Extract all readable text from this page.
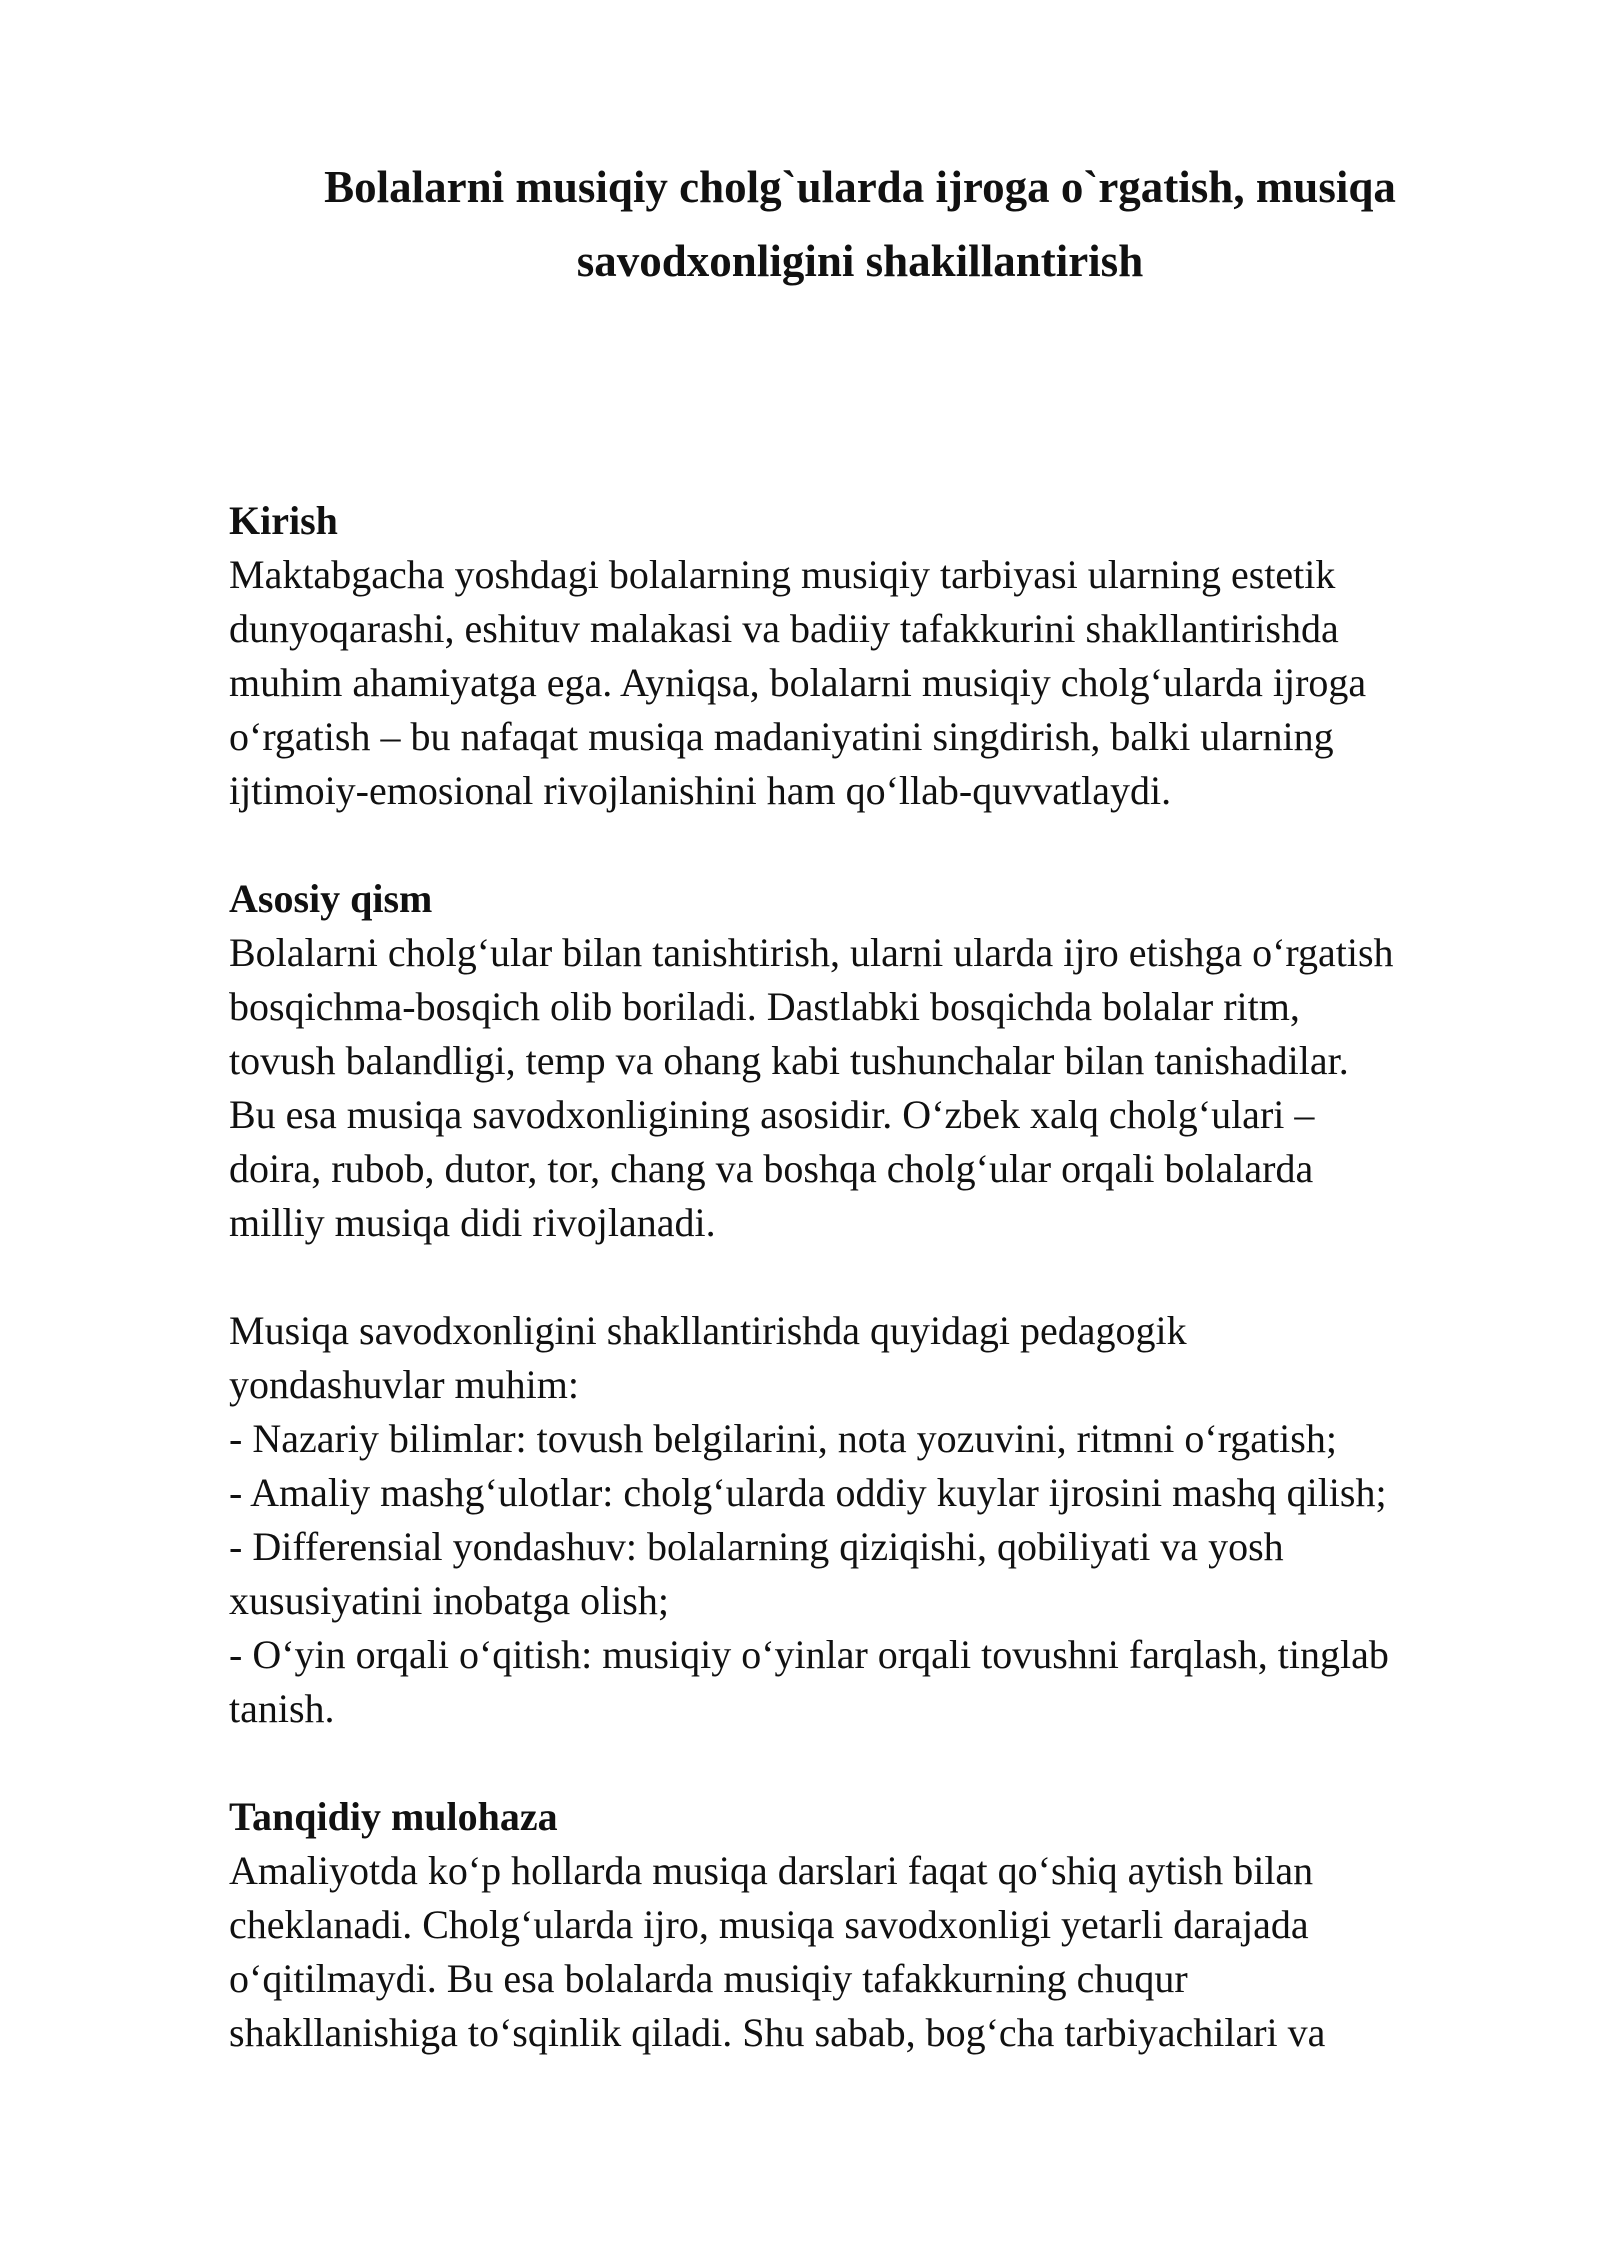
Bolalarni musiqiy cholg`ularda ijroga o`rgatish, musiqa
savodxonligini shakillantirish
Kirish
Maktabgacha yoshdagi bolalarning musiqiy tarbiyasi ularning estetik
dunyoqarashi, eshituv malakasi va badiiy tafakkurini shakllantirishda
muhim ahamiyatga ega. Ayniqsa, bolalarni musiqiy cholg‘ularda ijroga
o‘rgatish – bu nafaqat musiqa madaniyatini singdirish, balki ularning
ijtimoiy-emosional rivojlanishini ham qo‘llab-quvvatlaydi.
Asosiy qism
Bolalarni cholg‘ular bilan tanishtirish, ularni ularda ijro etishga o‘rgatish
bosqichma-bosqich olib boriladi. Dastlabki bosqichda bolalar ritm,
tovush balandligi, temp va ohang kabi tushunchalar bilan tanishadilar.
Bu esa musiqa savodxonligining asosidir. O‘zbek xalq cholg‘ulari –
doira, rubob, dutor, tor, chang va boshqa cholg‘ular orqali bolalarda
milliy musiqa didi rivojlanadi.
Musiqa savodxonligini shakllantirishda quyidagi pedagogik
yondashuvlar muhim:
- Nazariy bilimlar: tovush belgilarini, nota yozuvini, ritmni o‘rgatish;
- Amaliy mashg‘ulotlar: cholg‘ularda oddiy kuylar ijrosini mashq qilish;
- Differensial yondashuv: bolalarning qiziqishi, qobiliyati va yosh
xususiyatini inobatga olish;
- O‘yin orqali o‘qitish: musiqiy o‘yinlar orqali tovushni farqlash, tinglab
tanish.
Tanqidiy mulohaza
Amaliyotda ko‘p hollarda musiqa darslari faqat qo‘shiq aytish bilan
cheklanadi. Cholg‘ularda ijro, musiqa savodxonligi yetarli darajada
o‘qitilmaydi. Bu esa bolalarda musiqiy tafakkurning chuqur
shakllanishiga to‘sqinlik qiladi. Shu sabab, bog‘cha tarbiyachilari va
